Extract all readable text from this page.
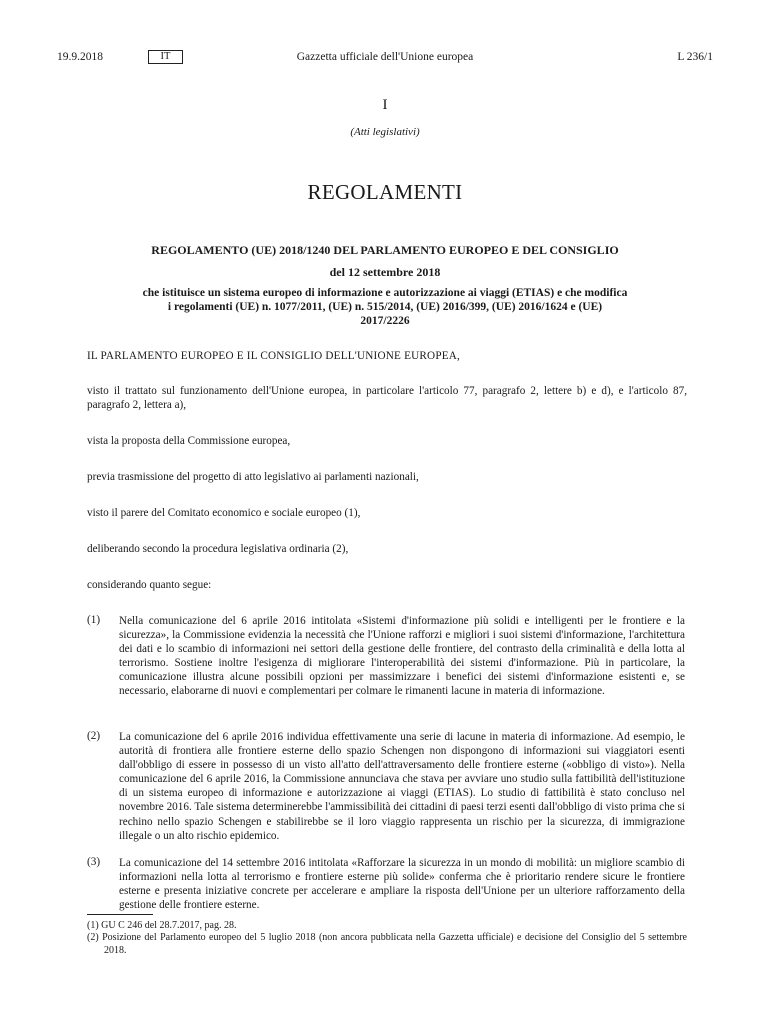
19.9.2018	IT	Gazzetta ufficiale dell'Unione europea	L 236/1
I
(Atti legislativi)
REGOLAMENTI
REGOLAMENTO (UE) 2018/1240 DEL PARLAMENTO EUROPEO E DEL CONSIGLIO
del 12 settembre 2018
che istituisce un sistema europeo di informazione e autorizzazione ai viaggi (ETIAS) e che modifica
i regolamenti (UE) n. 1077/2011, (UE) n. 515/2014, (UE) 2016/399, (UE) 2016/1624 e (UE)
2017/2226
IL PARLAMENTO EUROPEO E IL CONSIGLIO DELL'UNIONE EUROPEA,
visto il trattato sul funzionamento dell'Unione europea, in particolare l'articolo 77, paragrafo 2, lettere b) e d), e l'articolo 87, paragrafo 2, lettera a),
vista la proposta della Commissione europea,
previa trasmissione del progetto di atto legislativo ai parlamenti nazionali,
visto il parere del Comitato economico e sociale europeo (1),
deliberando secondo la procedura legislativa ordinaria (2),
considerando quanto segue:
(1) Nella comunicazione del 6 aprile 2016 intitolata «Sistemi d'informazione più solidi e intelligenti per le frontiere e la sicurezza», la Commissione evidenzia la necessità che l'Unione rafforzi e migliori i suoi sistemi d'informazione, l'architettura dei dati e lo scambio di informazioni nei settori della gestione delle frontiere, del contrasto della criminalità e della lotta al terrorismo. Sostiene inoltre l'esigenza di migliorare l'interoperabilità dei sistemi d'informazione. Più in particolare, la comunicazione illustra alcune possibili opzioni per massimizzare i benefici dei sistemi d'informazione esistenti e, se necessario, elaborarne di nuovi e complementari per colmare le rimanenti lacune in materia di informazione.
(2) La comunicazione del 6 aprile 2016 individua effettivamente una serie di lacune in materia di informazione. Ad esempio, le autorità di frontiera alle frontiere esterne dello spazio Schengen non dispongono di informazioni sui viaggiatori esenti dall'obbligo di essere in possesso di un visto all'atto dell'attraversamento delle frontiere esterne («obbligo di visto»). Nella comunicazione del 6 aprile 2016, la Commissione annunciava che stava per avviare uno studio sulla fattibilità dell'istituzione di un sistema europeo di informazione e autorizzazione ai viaggi (ETIAS). Lo studio di fattibilità è stato concluso nel novembre 2016. Tale sistema determinerebbe l'ammissibilità dei cittadini di paesi terzi esenti dall'obbligo di visto prima che si rechino nello spazio Schengen e stabilirebbe se il loro viaggio rappresenta un rischio per la sicurezza, di immigrazione illegale o un alto rischio epidemico.
(3) La comunicazione del 14 settembre 2016 intitolata «Rafforzare la sicurezza in un mondo di mobilità: un migliore scambio di informazioni nella lotta al terrorismo e frontiere esterne più solide» conferma che è prioritario rendere sicure le frontiere esterne e presenta iniziative concrete per accelerare e ampliare la risposta dell'Unione per un ulteriore rafforzamento della gestione delle frontiere esterne.
(1) GU C 246 del 28.7.2017, pag. 28.
(2) Posizione del Parlamento europeo del 5 luglio 2018 (non ancora pubblicata nella Gazzetta ufficiale) e decisione del Consiglio del 5 settembre 2018.
